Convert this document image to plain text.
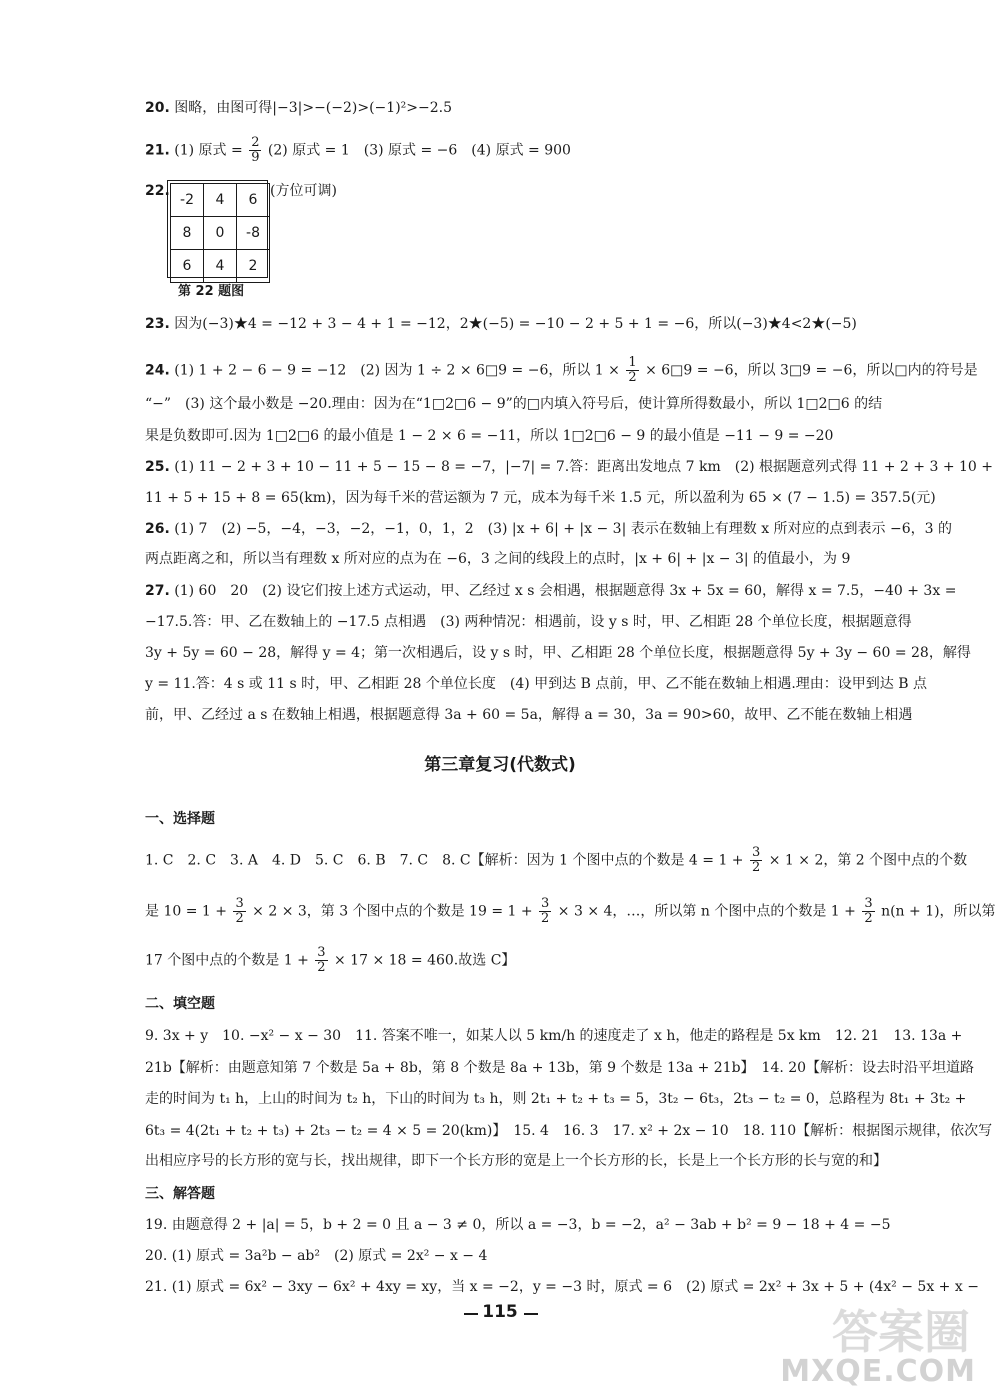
20. 图略，由图可得|−3|>−(−2)>(−1)²>−2.5
21. (1) 原式 = $\frac{2}{9} (2)$ 原式 = 1　(3) 原式 = −6　(4) 原式 = 900
22.
-2	4	6
8	0	-8
6	4	2
(方位可调)
第 22 题图
23. 因为(−3)★4 = −12 + 3 − 4 + 1 = −12，2★(−5) = −10 − 2 + 5 + 1 = −6，所以(−3)★4<2★(−5)
24. (1) 1 + 2 − 6 − 9 = −12　(2) 因为 1 ÷ 2 × 6□9 = −6，所以 $1 \times \frac{1}{2}$ × 6□9 = −6，所以 3□9 = −6，所以□内的符号是
“−”　(3) 这个最小数是 −20.理由：因为在“1□2□6 − 9”的□内填入符号后，使计算所得数最小，所以 1□2□6 的结
果是负数即可.因为 1□2□6 的最小值是 1 − 2 × 6 = −11，所以 1□2□6 − 9 的最小值是 −11 − 9 = −20
25. (1) 11 − 2 + 3 + 10 − 11 + 5 − 15 − 8 = −7，|−7| = 7.答：距离出发地点 7 km　(2) 根据题意列式得 11 + 2 + 3 + 10 +
11 + 5 + 15 + 8 = 65(km)，因为每千米的营运额为 7 元，成本为每千米 1.5 元，所以盈利为 65 × (7 − 1.5) = 357.5(元)
26. (1) 7　(2) −5，−4，−3，−2，−1，0，1，2　(3) |x + 6| + |x − 3| 表示在数轴上有理数 x 所对应的点到表示 −6，3 的
两点距离之和，所以当有理数 x 所对应的点为在 −6，3 之间的线段上的点时，|x + 6| + |x − 3| 的值最小，为 9
27. (1) 60　20　(2) 设它们按上述方式运动，甲、乙经过 x s 会相遇，根据题意得 3x + 5x = 60，解得 x = 7.5，−40 + 3x =
−17.5.答：甲、乙在数轴上的 −17.5 点相遇　(3) 两种情况：相遇前，设 y s 时，甲、乙相距 28 个单位长度，根据题意得
3y + 5y = 60 − 28，解得 y = 4；第一次相遇后，设 y s 时，甲、乙相距 28 个单位长度，根据题意得 5y + 3y − 60 = 28，解得
y = 11.答：4 s 或 11 s 时，甲、乙相距 28 个单位长度　(4) 甲到达 B 点前，甲、乙不能在数轴上相遇.理由：设甲到达 B 点
前，甲、乙经过 a s 在数轴上相遇，根据题意得 3a + 60 = 5a，解得 a = 30，3a = 90>60，故甲、乙不能在数轴上相遇
第三章复习(代数式)
一、选择题
1. C　2. C　3. A　4. D　5. C　6. B　7. C　8. C【解析：因为 1 个图中点的个数是 $4 = 1 + \frac{3}{2} \times 1 \times 2$，第 2 个图中点的个数
是 $10 = 1 + \frac{3}{2} \times 2 \times 3$，第 3 个图中点的个数是 $19 = 1 + \frac{3}{2} \times 3 \times 4$，…，所以第 n 个图中点的个数是 $1 + \frac{3}{2} n(n + 1)$，所以第
17 个图中点的个数是 $1 + \frac{3}{2} \times 17 \times 18 = 460$.故选 C】
二、填空题
9. 3x + y　10. −x² − x − 30　11. 答案不唯一，如某人以 5 km/h 的速度走了 x h，他走的路程是 5x km　12. 21　13. 13a +
21b【解析：由题意知第 7 个数是 5a + 8b，第 8 个数是 8a + 13b，第 9 个数是 13a + 21b】　14. 20【解析：设去时沿平坦道路
走的时间为 t₁ h，上山的时间为 t₂ h，下山的时间为 t₃ h，则 2t₁ + t₂ + t₃ = 5，3t₂ − 6t₃，2t₃ − t₂ = 0，总路程为 8t₁ + 3t₂ +
6t₃ = 4(2t₁ + t₂ + t₃) + 2t₃ − t₂ = 4 × 5 = 20(km)】　15. 4　16. 3　17. x² + 2x − 10　18. 110【解析：根据图示规律，依次写
出相应序号的长方形的宽与长，找出规律，即下一个长方形的宽是上一个长方形的长，长是上一个长方形的长与宽的和】
三、解答题
19. 由题意得 2 + |a| = 5，b + 2 = 0 且 a − 3 ≠ 0，所以 a = −3，b = −2，a² − 3ab + b² = 9 − 18 + 4 = −5
20. (1) 原式 = 3a²b − ab²　(2) 原式 = 2x² − x − 4
21. (1) 原式 = 6x² − 3xy − 6x² + 4xy = xy，当 x = −2，y = −3 时，原式 = 6　(2) 原式 = 2x² + 3x + 5 + (4x² − 5x + x −
115	答案圈
MXQE.COM
